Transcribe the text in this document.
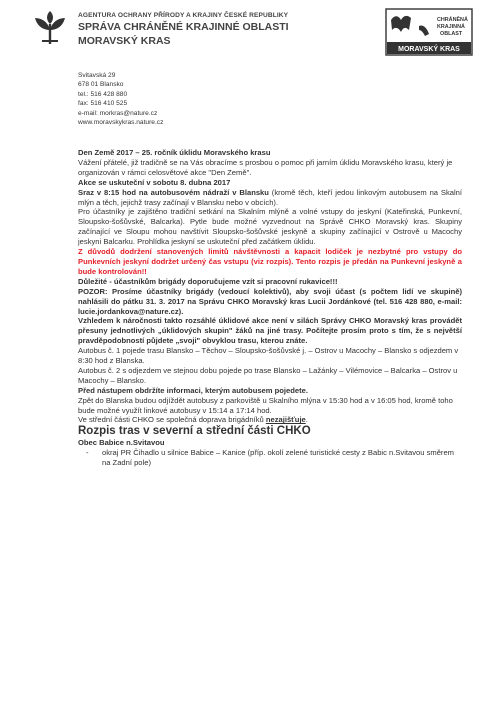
AGENTURA OCHRANY PŘÍRODY A KRAJINY ČESKÉ REPUBLIKY
SPRÁVA CHRÁNĚNÉ KRAJINNÉ OBLASTI
MORAVSKÝ KRAS
CHRÁNĚNÁ
KRAJINNÁ
OBLAST
MORAVSKÝ KRAS
Svitavská 29
678 01 Blansko
tel.: 516 428 880
fax: 516 410 525
e-mail: morkras@nature.cz
www.moravskykras.nature.cz

Den Země 2017 – 25. ročník úklidu Moravského krasu

Vážení přátelé, již tradičně se na Vás obracíme s prosbou o pomoc při jarním úklidu Moravského krasu, který je organizován v rámci celosvětové akce "Den Země".

Akce se uskuteční v sobotu 8. dubna 2017

Sraz v 8:15 hod na autobusovém nádraží v Blansku (kromě těch, kteří jedou linkovým autobusem na Skalní mlýn a těch, jejichž trasy začínají v Blansku nebo v obcích).

Pro účastníky je zajištěno tradiční setkání na Skalním mlýně a volné vstupy do jeskyní (Kateřinská, Punkevní, Sloupsko-šošůvské, Balcarka). Pytle bude možné vyzvednout na Správě CHKO Moravský kras. Skupiny začínající ve Sloupu mohou navštívit Sloupsko-šošůvské jeskyně a skupiny začínající v Ostrově u Macochy jeskyni Balcarku. Prohlídka jeskyní se uskuteční před začátkem úklidu.

Z důvodů dodržení stanovených limitů návštěvnosti a kapacit lodiček je nezbytné pro vstupy do Punkevních jeskyní dodržet určený čas vstupu (viz rozpis). Tento rozpis je předán na Punkevní jeskyně a bude kontrolován!!

Důležité - účastníkům brigády doporučujeme vzít si pracovní rukavice!!!

POZOR: Prosíme účastníky brigády (vedoucí kolektivů), aby svoji účast (s počtem lidí ve skupině) nahlásili do pátku 31. 3. 2017 na Správu CHKO Moravský kras Lucii Jordánkové (tel. 516 428 880, e-mail: lucie.jordankova@nature.cz).

Vzhledem k náročnosti takto rozsáhlé úklidové akce není v silách Správy CHKO Moravský kras provádět přesuny jednotlivých „úklidových skupin" žáků na jiné trasy. Počítejte prosím proto s tím, že s největší pravděpodobností půjdete „svoji" obvyklou trasu, kterou znáte.

Autobus č. 1 pojede trasu Blansko – Těchov – Sloupsko-šošůvské j. – Ostrov u Macochy – Blansko s odjezdem v 8:30 hod z Blanska.

Autobus č. 2 s odjezdem ve stejnou dobu pojede po trase Blansko – Lažánky – Vilémovice – Balcarka – Ostrov u Macochy – Blansko.

Před nástupem obdržíte informaci, kterým autobusem pojedete.

Zpět do Blanska budou odjíždět autobusy z parkoviště u Skalního mlýna v 15:30 hod a v 16:05 hod, kromě toho bude možné využít linkové autobusy v 15:14 a 17:14 hod.

Ve střední části CHKO se společná doprava brigádníků nezajišťuje.

Rozpis tras v severní a střední části CHKO

Obec Babice n.Svitavou

-	okraj PR Čihadlo u silnice Babice – Kanice (příp. okolí zelené turistické cesty z Babic n.Svitavou směrem na Zadní pole)
